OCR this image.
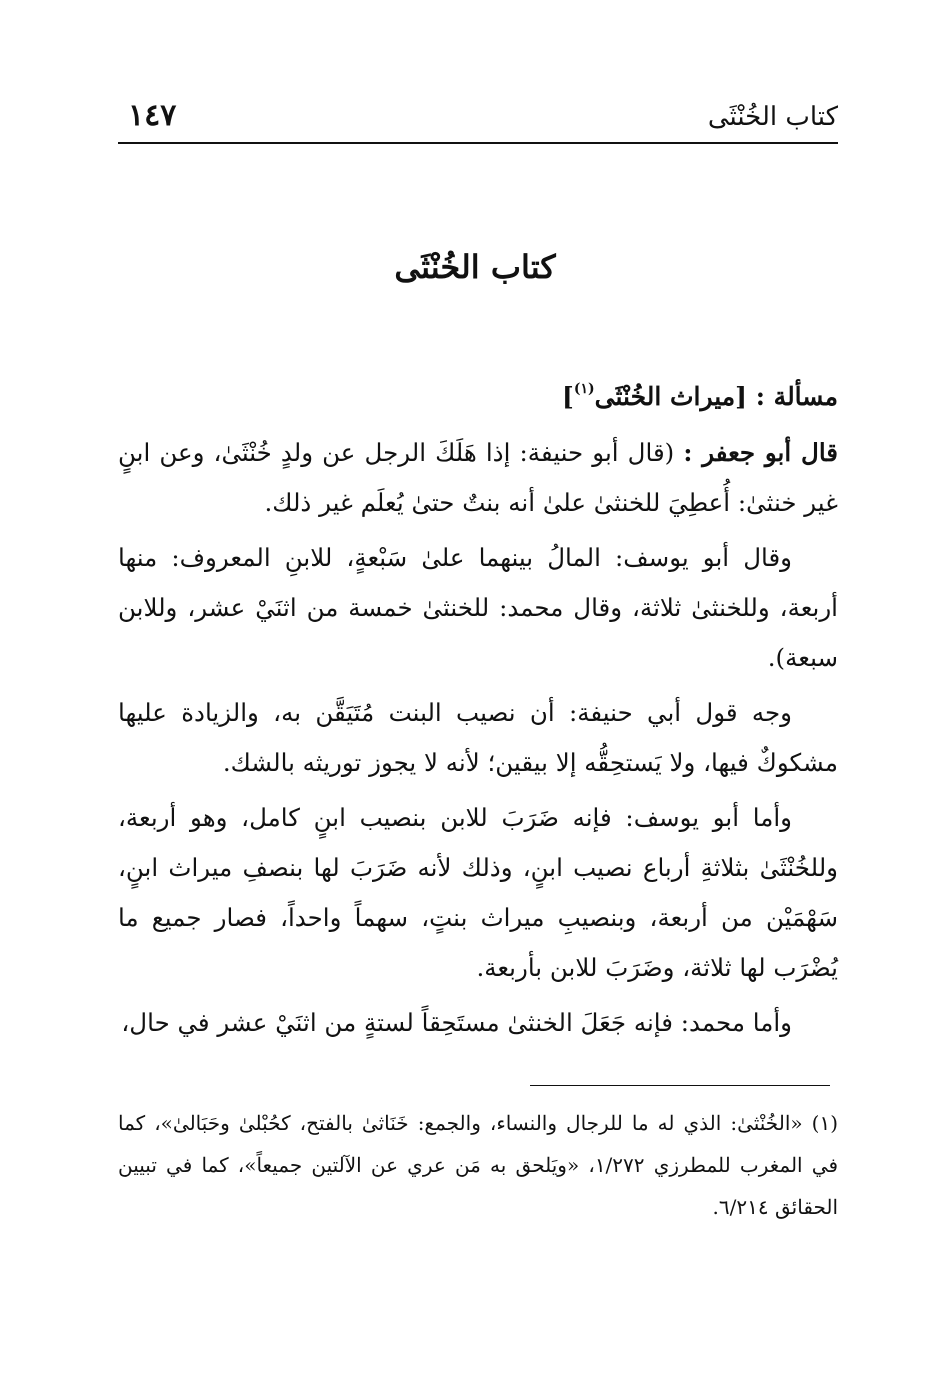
كتاب الخُنْثَى
١٤٧
كتاب الخُنْثَى

مسألة : [ميراث الخُنْثَى$^{(١)}$]

قال أبو جعفر : (قال أبو حنيفة: إذا هَلَكَ الرجل عن ولدٍ خُنْثَىٰ، وعن ابنٍ غير خنثىٰ: أُعطِيَ للخنثىٰ علىٰ أنه بنتٌ حتىٰ يُعلَم غير ذلك.

وقال أبو يوسف: المالُ بينهما علىٰ سَبْعةٍ، للابنِ المعروف: منها أربعة، وللخنثىٰ ثلاثة، وقال محمد: للخنثىٰ خمسة من اثنَيْ عشر، وللابن سبعة).

وجه قول أبي حنيفة: أن نصيب البنت مُتَيَقَّن به، والزيادة عليها مشكوكٌ فيها، ولا يَستحِقُّه إلا بيقين؛ لأنه لا يجوز توريثه بالشك.

وأما أبو يوسف: فإنه ضَرَبَ للابن بنصيب ابنٍ كامل، وهو أربعة، وللخُنْثَىٰ بثلاثةِ أرباع نصيب ابنٍ، وذلك لأنه ضَرَبَ لها بنصفِ ميراث ابنٍ، سَهْمَيْن من أربعة، وبنصيبِ ميراث بنتٍ، سهماً واحداً، فصار جميع ما يُضْرَب لها ثلاثة، وضَرَبَ للابن بأربعة.

وأما محمد: فإنه جَعَلَ الخنثىٰ مستَحِقاً لستةٍ من اثنَيْ عشر في حال،

(١) «الخُنْثىٰ: الذي له ما للرجال والنساء، والجمع: خَنَاثىٰ بالفتح، كحُبْلىٰ وحَبَالىٰ»، كما في المغرب للمطرزي ١/٢٧٢، «ويَلحق به مَن عري عن الآلتين جميعاً»، كما في تبيين الحقائق ٦/٢١٤.
